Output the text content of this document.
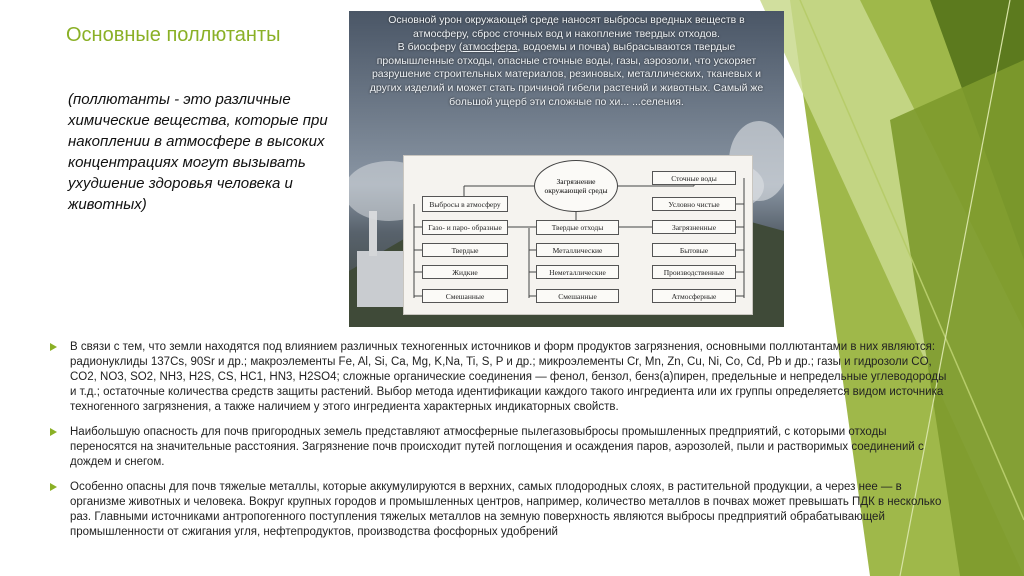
Основные поллютанты
(поллютанты - это различные химические вещества, которые при накоплении в атмосфере в высоких концентрациях могут вызывать ухудшение здоровья человека и животных)
Основной урон окружающей среде наносят выбросы вредных веществ в атмосферу, сброс сточных вод и накопление твердых отходов.
В биосферу (атмосфера, водоемы и почва) выбрасываются твердые промышленные отходы, опасные сточные воды, газы, аэрозоли, что ускоряет разрушение строительных материалов, резиновых, металлических, тканевых и других изделий и может стать причиной гибели растений и животных. Самый же большой ущерб эти сложные по хи... ...селения.
Загрязнение окружающей среды
Выбросы в атмосферу
Газо- и паро- образные
Твердые
Жидкие
Смешанные
Твердые отходы
Металлические
Неметаллические
Смешанные
Сточные воды
Условно чистые
Загрязненные
Бытовые
Производственные
Атмосферные
В связи с тем, что земли находятся под влиянием различных техногенных источников и форм продуктов загрязнения, основными поллютантами в них являются: радионуклиды 137Cs, 90Sr и др.; макроэлементы Fe, Al, Si, Ca, Mg, K,Na, Ti, S, P и др.; микроэлементы Cr, Mn, Zn, Cu, Ni, Co, Cd, Pb и др.; газы и гидрозоли CO, CO2, NO3, SO2, NH3, H2S, CS, HC1, HN3, H2SO4; сложные органические соединения — фенол, бензол, бенз(а)пирен, предельные и непредельные углеводороды и т.д.; остаточные количества средств защиты растений. Выбор метода идентификации каждого такого ингредиента или их группы определяется видом источника техногенного загрязнения, а также наличием у этого ингредиента характерных индикаторных свойств.
Наибольшую опасность для почв пригородных земель представляют атмосферные пылегазовыбросы промышленных предприятий, с которыми отходы переносятся на значительные расстояния. Загрязнение почв происходит путей поглощения и осаждения паров, аэрозолей, пыли и растворимых соединений с дождем и снегом.
Особенно опасны для почв тяжелые металлы, которые аккумулируются в верхних, самых плодородных слоях, в растительной продукции, а через нее — в организме животных и человека. Вокруг крупных городов и промышленных центров, например, количество металлов в почвах может превышать ПДК в несколько раз. Главными источниками антропогенного поступления тяжелых металлов на земную поверхность являются выбросы предприятий обрабатывающей промышленности от сжигания угля, нефтепродуктов, производства фосфорных удобрений
